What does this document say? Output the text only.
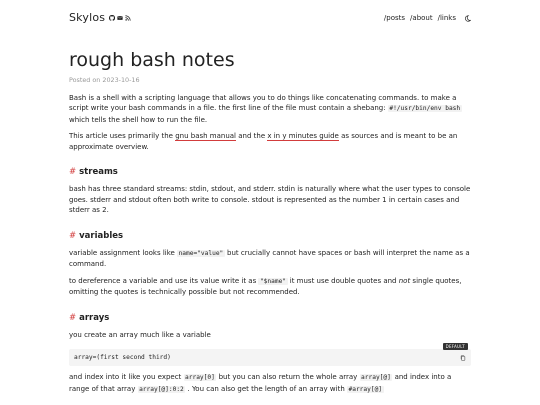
Skylos	/posts /about /links
rough bash notes
Posted on 2023-10-16

Bash is a shell with a scripting language that allows you to do things like concatenating commands. to make a script write your bash commands in a file. the first line of the file must contain a shebang: #!/usr/bin/env bash which tells the shell how to run the file.

This article uses primarily the gnu bash manual and the x in y minutes guide as sources and is meant to be an approximate overview.

# streams

bash has three standard streams: stdin, stdout, and stderr. stdin is naturally where what the user types to console goes. stderr and stdout often both write to console. stdout is represented as the number 1 in certain cases and stderr as 2.

# variables

variable assignment looks like name="value" but crucially cannot have spaces or bash will interpret the name as a command.

to dereference a variable and use its value write it as "$name" it must use double quotes and not single quotes, omitting the quotes is technically possible but not recommended.

# arrays

you create an array much like a variable

array=(first second third)
DEFAULT

and index into it like you expect array[0] but you can also return the whole array array[@] and index into a range of that array array[@]:0:2 . You can also get the length of an array with #array[@]
